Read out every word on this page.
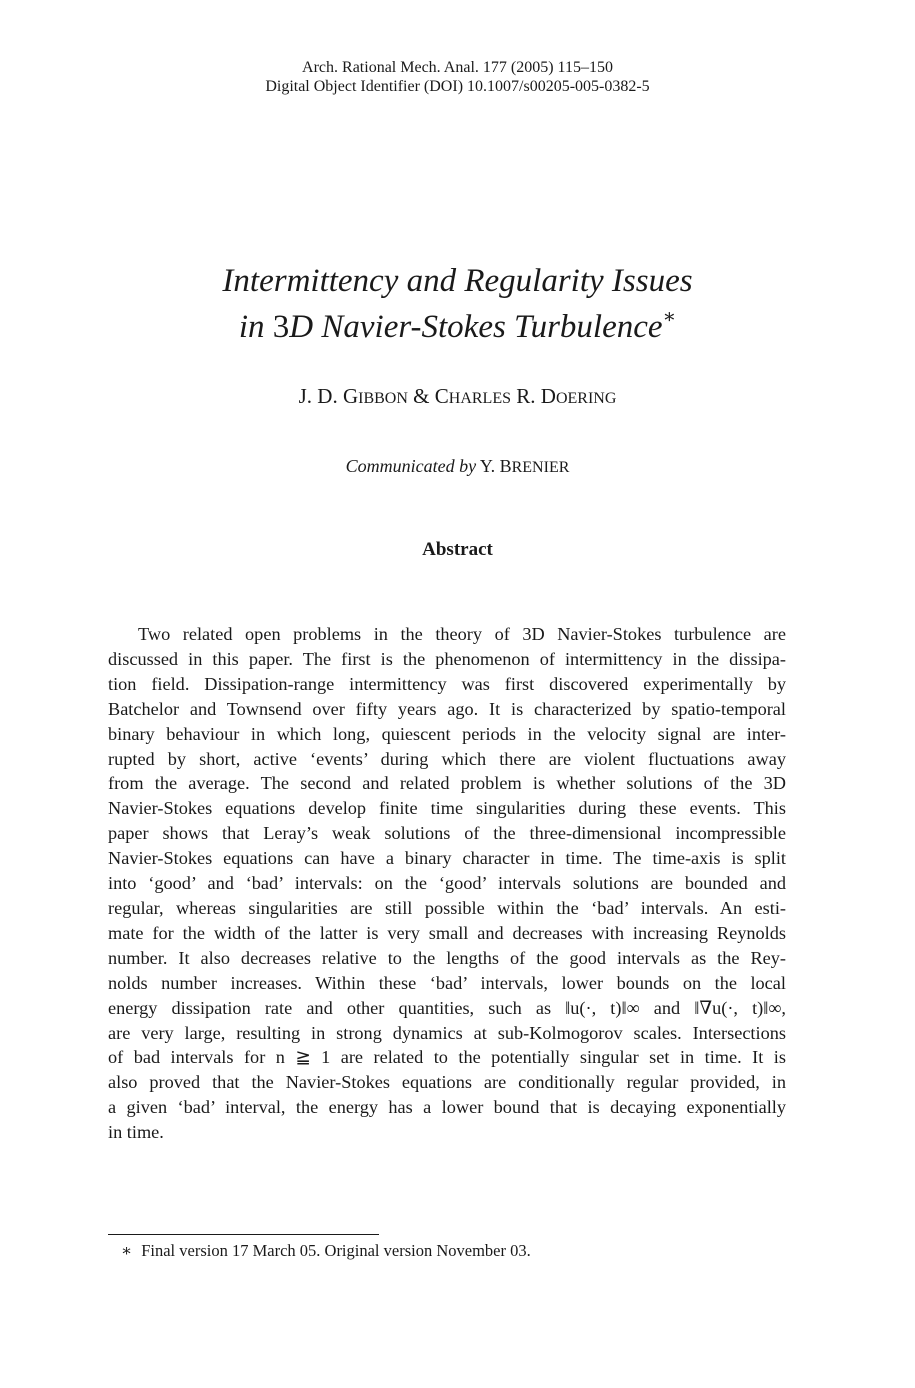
Arch. Rational Mech. Anal. 177 (2005) 115–150
Digital Object Identifier (DOI) 10.1007/s00205-005-0382-5
Intermittency and Regularity Issues
in 3D Navier-Stokes Turbulence∗
J. D. GIBBON & CHARLES R. DOERING
Communicated by Y. BRENIER
Abstract
Two related open problems in the theory of 3D Navier-Stokes turbulence are
discussed in this paper. The first is the phenomenon of intermittency in the dissipa-
tion field. Dissipation-range intermittency was first discovered experimentally by
Batchelor and Townsend over fifty years ago. It is characterized by spatio-temporal
binary behaviour in which long, quiescent periods in the velocity signal are inter-
rupted by short, active ‘events’ during which there are violent fluctuations away
from the average. The second and related problem is whether solutions of the 3D
Navier-Stokes equations develop finite time singularities during these events. This
paper shows that Leray’s weak solutions of the three-dimensional incompressible
Navier-Stokes equations can have a binary character in time. The time-axis is split
into ‘good’ and ‘bad’ intervals: on the ‘good’ intervals solutions are bounded and
regular, whereas singularities are still possible within the ‘bad’ intervals. An esti-
mate for the width of the latter is very small and decreases with increasing Reynolds
number. It also decreases relative to the lengths of the good intervals as the Rey-
nolds number increases. Within these ‘bad’ intervals, lower bounds on the local
energy dissipation rate and other quantities, such as ‖u(·, t)‖∞ and ‖∇u(·, t)‖∞,
are very large, resulting in strong dynamics at sub-Kolmogorov scales. Intersections
of bad intervals for n ≧ 1 are related to the potentially singular set in time. It is
also proved that the Navier-Stokes equations are conditionally regular provided, in
a given ‘bad’ interval, the energy has a lower bound that is decaying exponentially
in time.
∗ Final version 17 March 05. Original version November 03.
